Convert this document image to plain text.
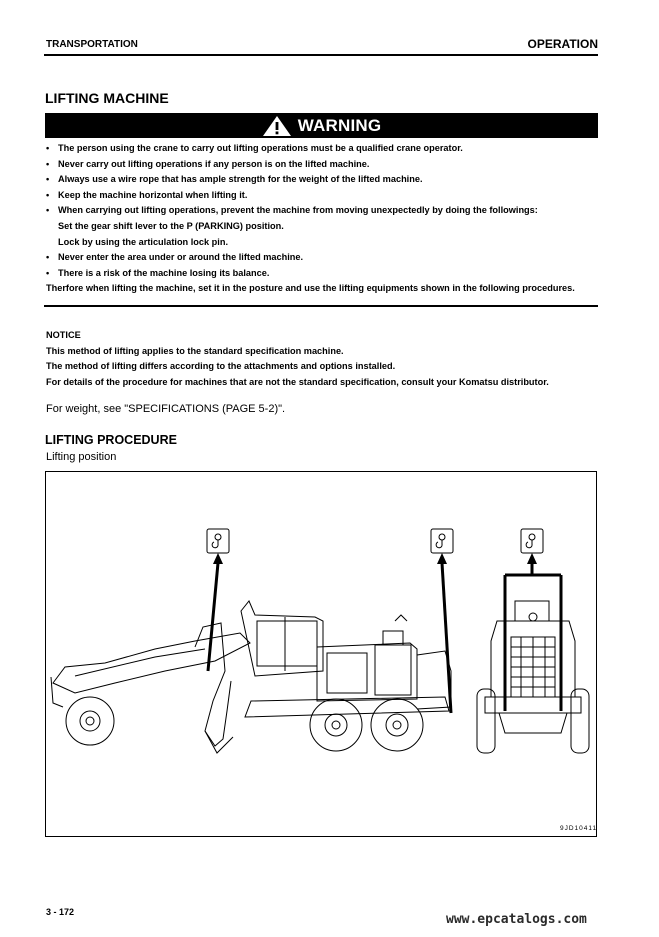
TRANSPORTATION	OPERATION
LIFTING MACHINE
WARNING
• The person using the crane to carry out lifting operations must be a qualified crane operator.
• Never carry out lifting operations if any person is on the lifted machine.
• Always use a wire rope that has ample strength for the weight of the lifted machine.
• Keep the machine horizontal when lifting it.
• When carrying out lifting operations, prevent the machine from moving unexpectedly by doing the followings:
Set the gear shift lever to the P (PARKING) position.
Lock by using the articulation lock pin.
• Never enter the area under or around the lifted machine.
• There is a risk of the machine losing its balance.
Therfore when lifting the machine, set it in the posture and use the lifting equipments shown in the following procedures.
NOTICE
This method of lifting applies to the standard specification machine.
The method of lifting differs according to the attachments and options installed.
For details of the procedure for machines that are not the standard specification, consult your Komatsu distributor.
For weight, see "SPECIFICATIONS (PAGE 5-2)".
LIFTING PROCEDURE
Lifting position
9JD10411
3 - 172	www.epcatalogs.com
